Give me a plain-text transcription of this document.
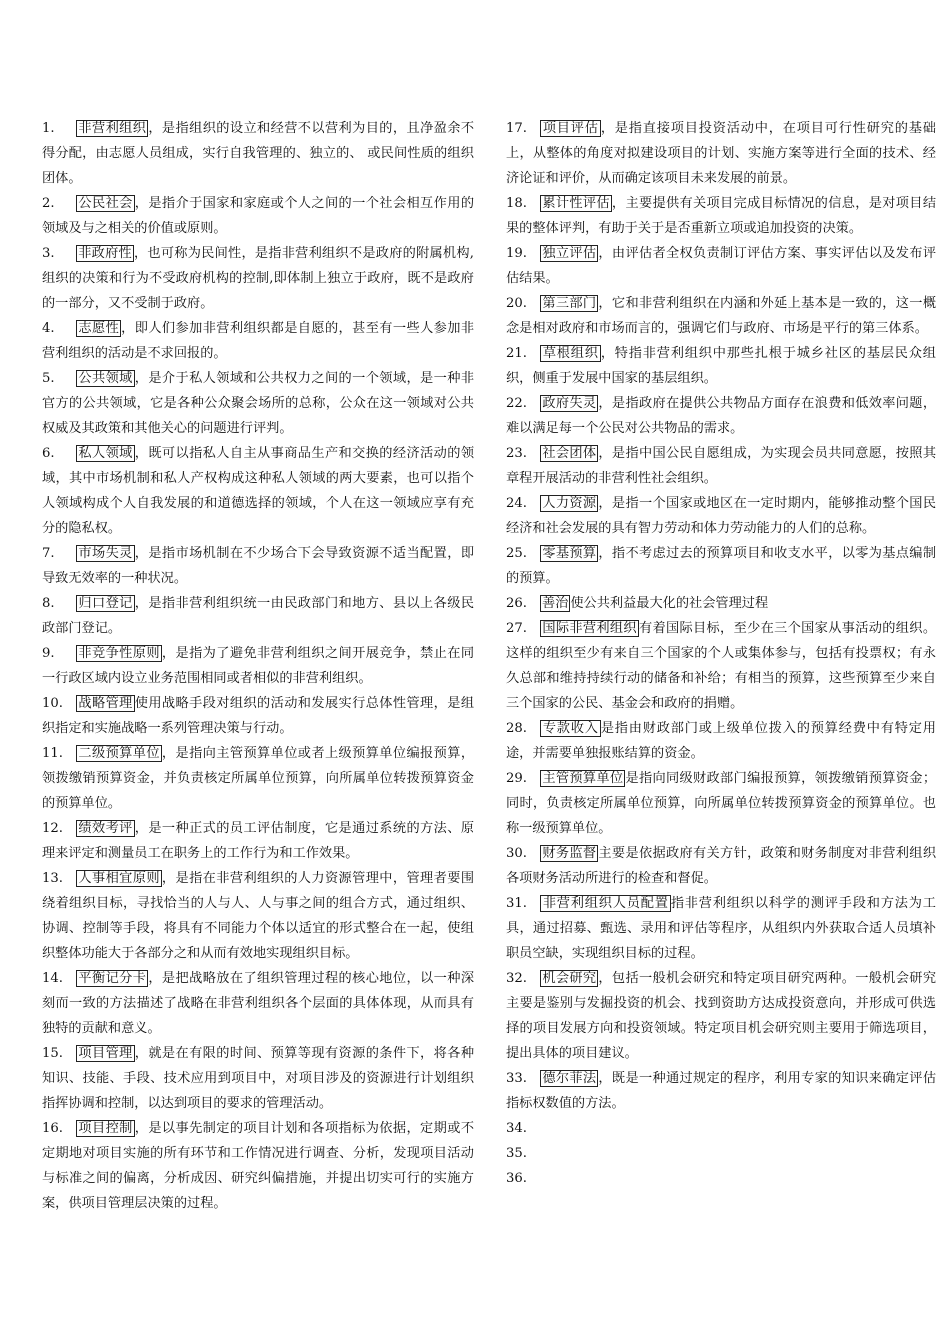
1. 非营利组织 ，是指组织的设立和经营不以营利为目的，且净盈余不得分配，由志愿人员组成，实行自我管理的、独立的、 或民间性质的组织团体。

2. 公民社会 ，是指介于国家和家庭或个人之间的一个社会相互作用的领域及与之相关的价值或原则。

3. 非政府性 ，也可称为民间性，是指非营利组织不是政府的附属机构,组织的决策和行为不受政府机构的控制,即体制上独立于政府，既不是政府的一部分，又不受制于政府。

4. 志愿性 ，即人们参加非营利组织都是自愿的，甚至有一些人参加非营利组织的活动是不求回报的。

5. 公共领域 ，是介于私人领域和公共权力之间的一个领域，是一种非官方的公共领域，它是各种公众聚会场所的总称，公众在这一领域对公共权威及其政策和其他关心的问题进行评判。

6. 私人领域 ，既可以指私人自主从事商品生产和交换的经济活动的领域，其中市场机制和私人产权构成这种私人领域的两大要素，也可以指个人领域构成个人自我发展的和道德选择的领域，个人在这一领域应享有充分的隐私权。

7. 市场失灵 ，是指市场机制在不少场合下会导致资源不适当配置，即导致无效率的一种状况。

8. 归口登记 ，是指非营利组织统一由民政部门和地方、县以上各级民政部门登记。

9. 非竞争性原则 ，是指为了避免非营利组织之间开展竞争，禁止在同一行政区域内设立业务范围相同或者相似的非营利组织。

10. 战略管理 使用战略手段对组织的活动和发展实行总体性管理，是组织指定和实施战略一系列管理决策与行动。

11. 二级预算单位 ，是指向主管预算单位或者上级预算单位编报预算，领拨缴销预算资金，并负责核定所属单位预算，向所属单位转拨预算资金的预算单位。

12. 绩效考评 ，是一种正式的员工评估制度，它是通过系统的方法、原理来评定和测量员工在职务上的工作行为和工作效果。

13. 人事相宜原则 ，是指在非营利组织的人力资源管理中，管理者要围绕着组织目标，寻找恰当的人与人、人与事之间的组合方式，通过组织、协调、控制等手段，将具有不同能力个体以适宜的形式整合在一起，使组织整体功能大于各部分之和从而有效地实现组织目标。

14. 平衡记分卡 ，是把战略放在了组织管理过程的核心地位，以一种深刻而一致的方法描述了战略在非营利组织各个层面的具体体现，从而具有独特的贡献和意义。

15. 项目管理 ，就是在有限的时间、预算等现有资源的条件下，将各种知识、技能、手段、技术应用到项目中，对项目涉及的资源进行计划组织指挥协调和控制，以达到项目的要求的管理活动。

16. 项目控制 ，是以事先制定的项目计划和各项指标为依据，定期或不定期地对项目实施的所有环节和工作情况进行调查、分析，发现项目活动与标准之间的偏离，分析成因、研究纠偏措施，并提出切实可行的实施方案，供项目管理层决策的过程。

17. 项目评估 ，是指直接项目投资活动中，在项目可行性研究的基础上，从整体的角度对拟建设项目的计划、实施方案等进行全面的技术、经济论证和评价，从而确定该项目未来发展的前景。

18. 累计性评估 ，主要提供有关项目完成目标情况的信息，是对项目结果的整体评判，有助于关于是否重新立项或追加投资的决策。

19. 独立评估 ，由评估者全权负责制订评估方案、事实评估以及发布评估结果。

20. 第三部门 ，它和非营利组织在内涵和外延上基本是一致的，这一概念是相对政府和市场而言的，强调它们与政府、市场是平行的第三体系。

21. 草根组织 ，特指非营利组织中那些扎根于城乡社区的基层民众组织，侧重于发展中国家的基层组织。

22. 政府失灵 ，是指政府在提供公共物品方面存在浪费和低效率问题，难以满足每一个公民对公共物品的需求。

23. 社会团体 ，是指中国公民自愿组成，为实现会员共同意愿，按照其章程开展活动的非营利性社会组织。

24. 人力资源 ，是指一个国家或地区在一定时期内，能够推动整个国民经济和社会发展的具有智力劳动和体力劳动能力的人们的总称。

25. 零基预算 ，指不考虑过去的预算项目和收支水平，以零为基点编制的预算。

26. 善治 使公共利益最大化的社会管理过程

27. 国际非营利组织 有着国际目标，至少在三个国家从事活动的组织。这样的组织至少有来自三个国家的个人或集体参与，包括有投票权；有永久总部和维持持续行动的储备和补给；有相当的预算，这些预算至少来自三个国家的公民、基金会和政府的捐赠。

28. 专款收入 是指由财政部门或上级单位拨入的预算经费中有特定用途，并需要单独报账结算的资金。

29. 主管预算单位 是指向同级财政部门编报预算，领拨缴销预算资金；同时，负责核定所属单位预算，向所属单位转拨预算资金的预算单位。也称一级预算单位。

30. 财务监督 主要是依据政府有关方针，政策和财务制度对非营利组织各项财务活动所进行的检查和督促。

31. 非营利组织人员配置 指非营利组织以科学的测评手段和方法为工具，通过招募、甄选、录用和评估等程序，从组织内外获取合适人员填补职员空缺，实现组织目标的过程。

32. 机会研究 ，包括一般机会研究和特定项目研究两种。一般机会研究主要是鉴别与发掘投资的机会、找到资助方达成投资意向，并形成可供选择的项目发展方向和投资领域。特定项目机会研究则主要用于筛选项目，提出具体的项目建议。

33. 德尔菲法 ，既是一种通过规定的程序，利用专家的知识来确定评估指标权数值的方法。

34.

35.

36.
